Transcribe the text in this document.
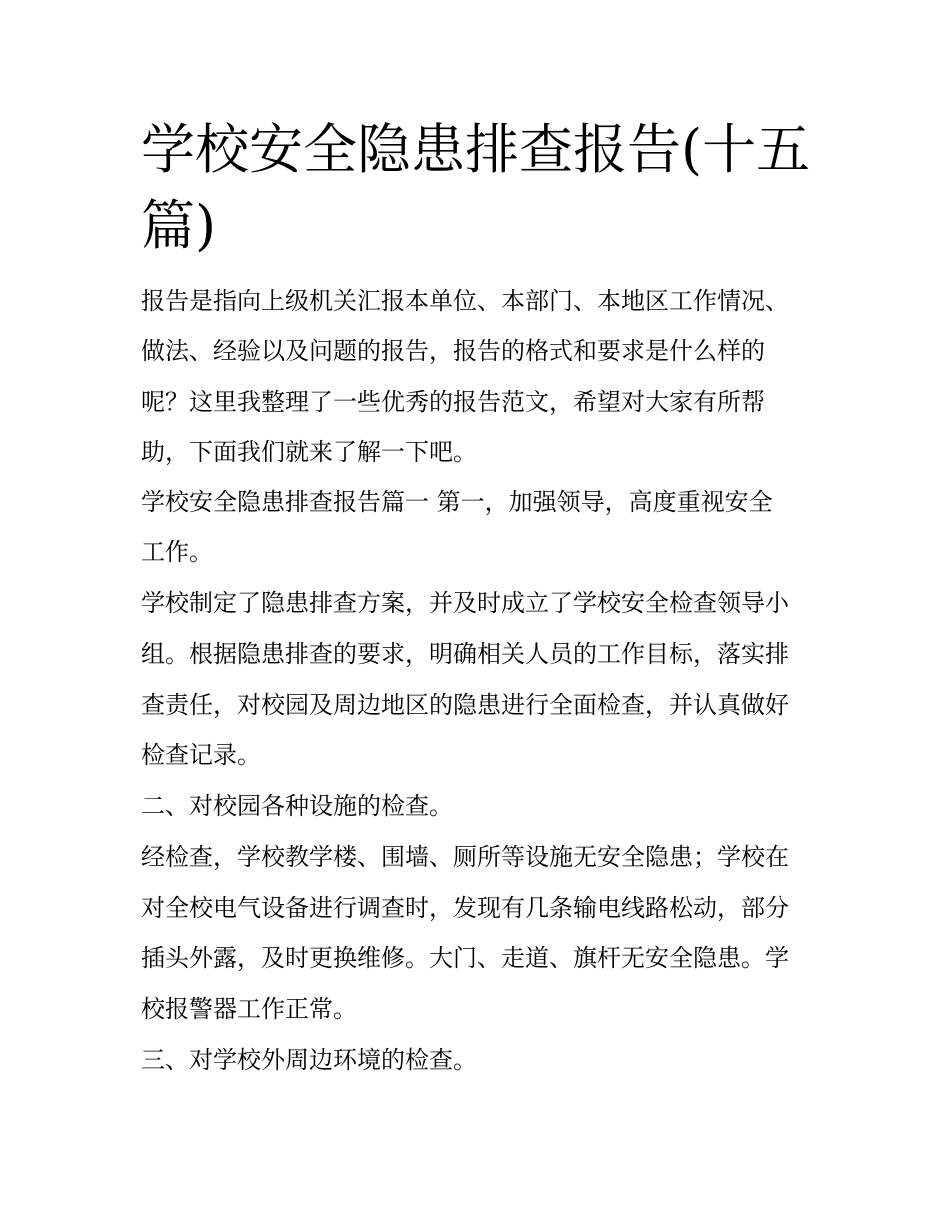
学校安全隐患排查报告(十五篇)

报告是指向上级机关汇报本单位、本部门、本地区工作情况、

做法、经验以及问题的报告，报告的格式和要求是什么样的

呢？这里我整理了一些优秀的报告范文，希望对大家有所帮

助，下面我们就来了解一下吧。

学校安全隐患排查报告篇一 第一，加强领导，高度重视安全

工作。

学校制定了隐患排查方案，并及时成立了学校安全检查领导小

组。根据隐患排查的要求，明确相关人员的工作目标，落实排

查责任，对校园及周边地区的隐患进行全面检查，并认真做好

检查记录。

二、对校园各种设施的检查。

经检查，学校教学楼、围墙、厕所等设施无安全隐患；学校在

对全校电气设备进行调查时，发现有几条输电线路松动，部分

插头外露，及时更换维修。大门、走道、旗杆无安全隐患。学

校报警器工作正常。

三、对学校外周边环境的检查。
